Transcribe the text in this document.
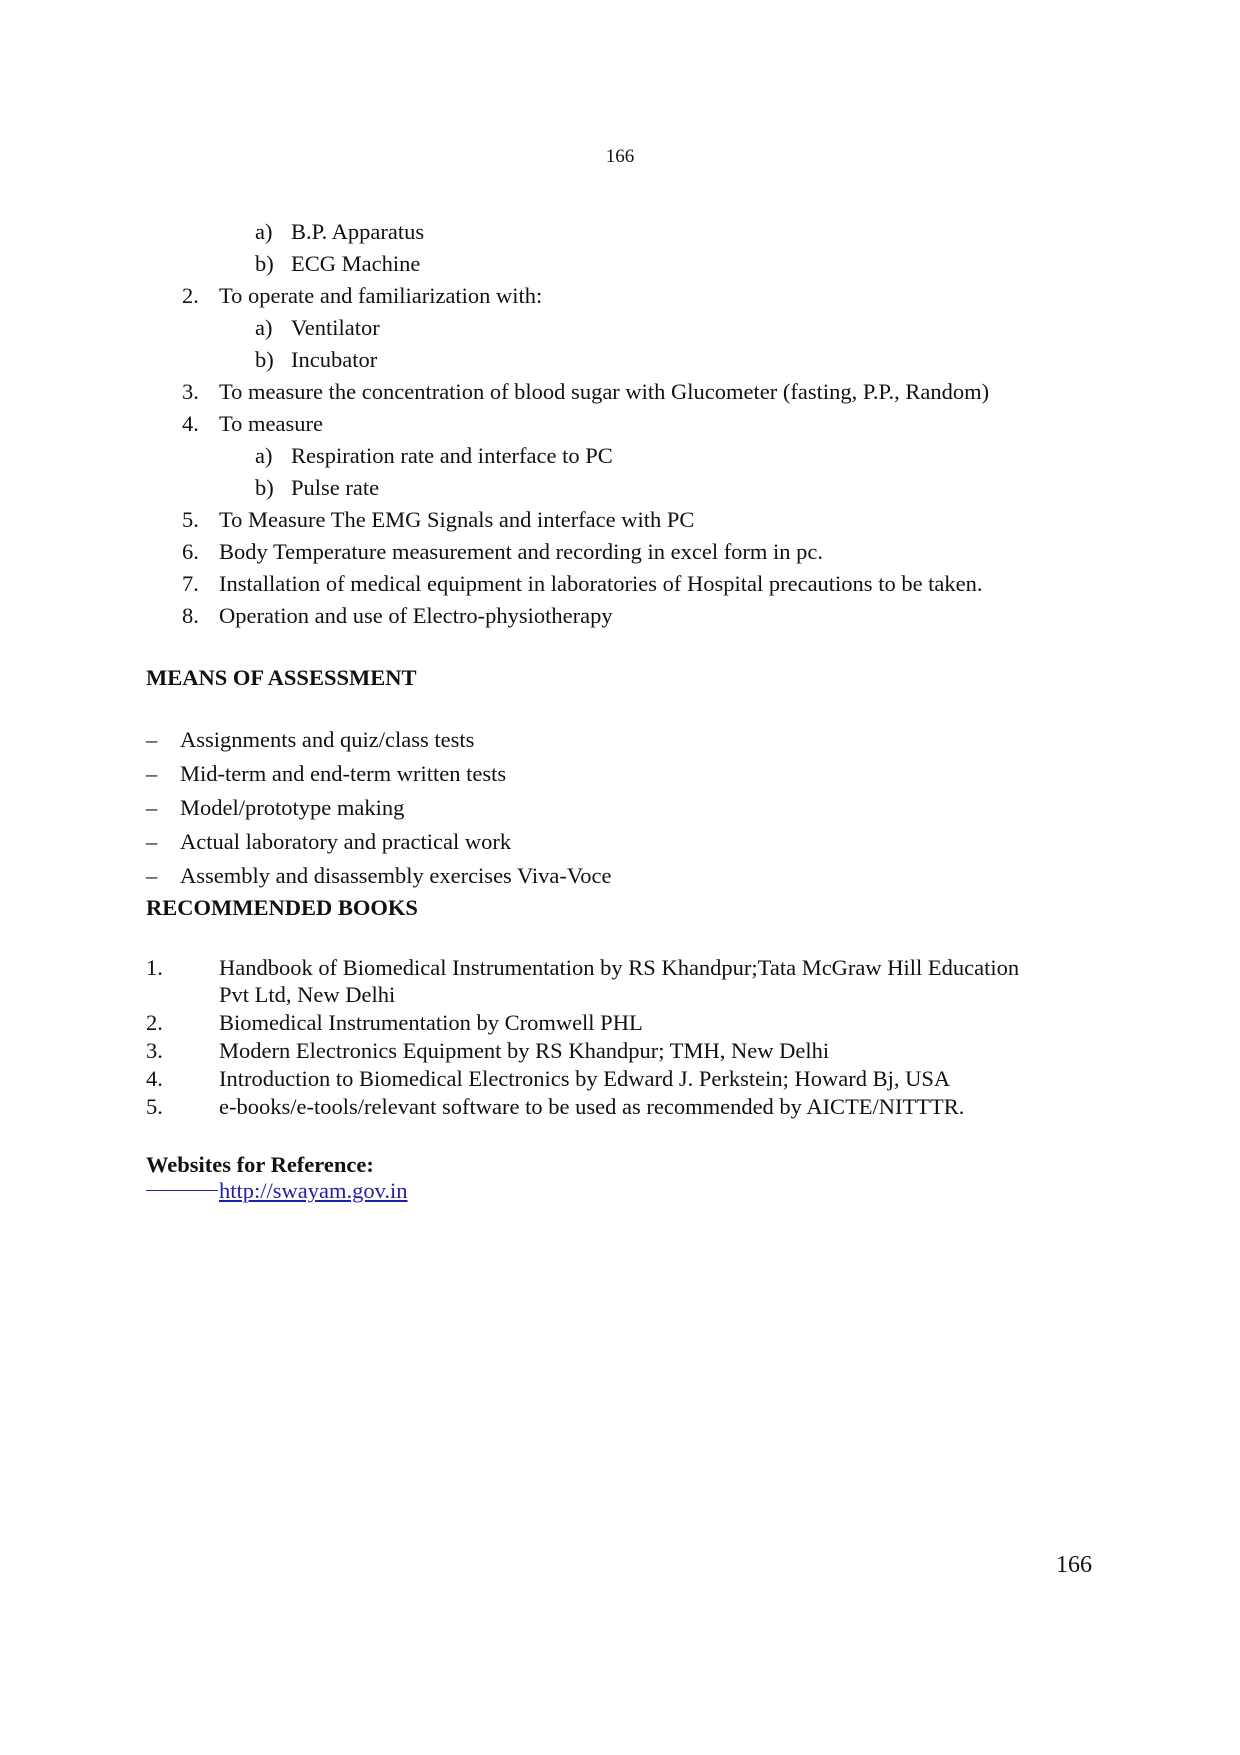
166
a) B.P. Apparatus
b) ECG Machine
2. To operate and familiarization with:
a) Ventilator
b) Incubator
3. To measure the concentration of blood sugar with Glucometer (fasting, P.P., Random)
4. To measure
a) Respiration rate and interface to PC
b) Pulse rate
5. To Measure The EMG Signals and interface with PC
6. Body Temperature measurement and recording in excel form in pc.
7. Installation of medical equipment in laboratories of Hospital precautions to be taken.
8. Operation and use of Electro-physiotherapy
MEANS OF ASSESSMENT
– Assignments and quiz/class tests
– Mid-term and end-term written tests
– Model/prototype making
– Actual laboratory and practical work
– Assembly and disassembly exercises Viva-Voce
RECOMMENDED BOOKS
1. Handbook of Biomedical Instrumentation by RS Khandpur;Tata McGraw Hill Education
Pvt Ltd, New Delhi
2. Biomedical Instrumentation by Cromwell PHL
3. Modern Electronics Equipment by RS Khandpur; TMH, New Delhi
4. Introduction to Biomedical Electronics by Edward J. Perkstein; Howard Bj, USA
5. e-books/e-tools/relevant software to be used as recommended by AICTE/NITTTR.
Websites for Reference:
http://swayam.gov.in
166
